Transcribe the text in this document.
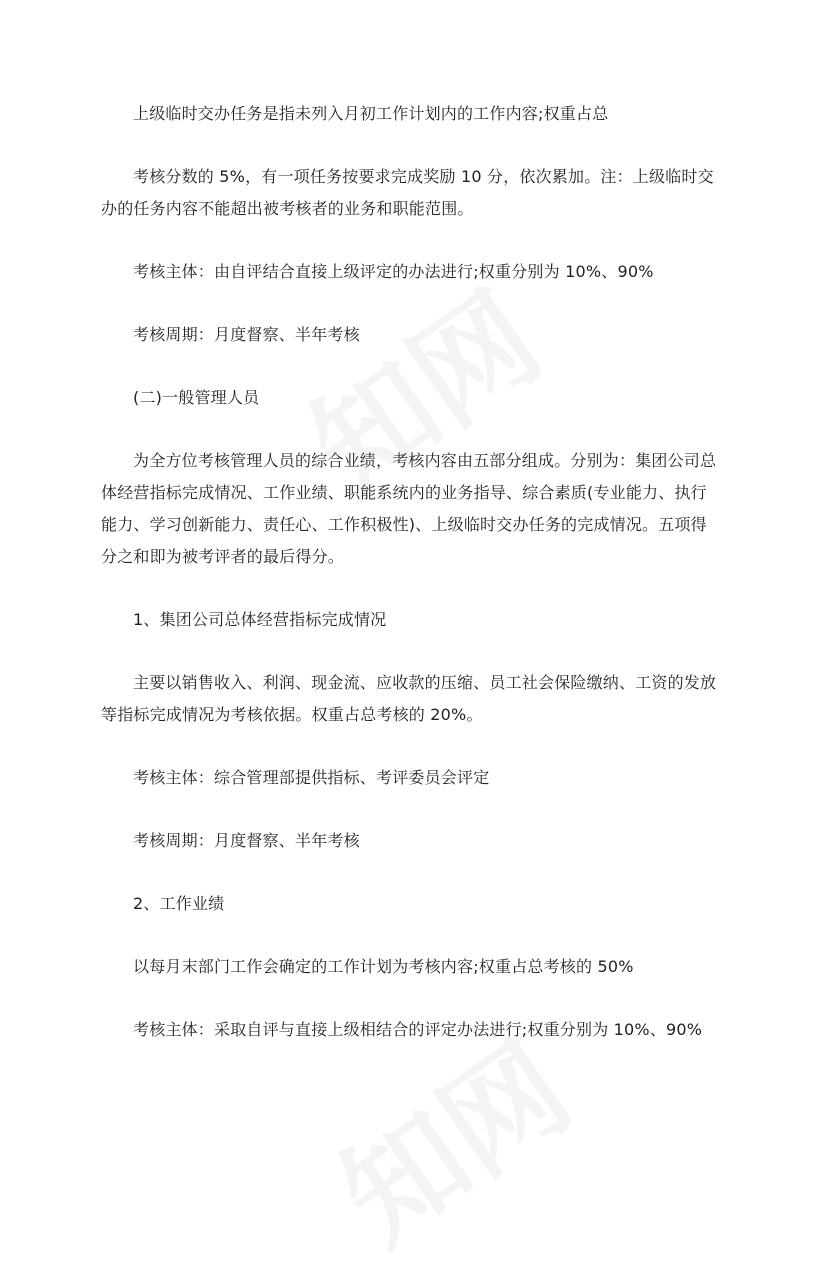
上级临时交办任务是指未列入月初工作计划内的工作内容;权重占总

考核分数的 5%，有一项任务按要求完成奖励 10 分，依次累加。注：上级临时交办的任务内容不能超出被考核者的业务和职能范围。

考核主体：由自评结合直接上级评定的办法进行;权重分别为 10%、90%

考核周期：月度督察、半年考核

(二)一般管理人员

为全方位考核管理人员的综合业绩，考核内容由五部分组成。分别为：集团公司总体经营指标完成情况、工作业绩、职能系统内的业务指导、综合素质(专业能力、执行能力、学习创新能力、责任心、工作积极性)、上级临时交办任务的完成情况。五项得分之和即为被考评者的最后得分。

1、集团公司总体经营指标完成情况

主要以销售收入、利润、现金流、应收款的压缩、员工社会保险缴纳、工资的发放等指标完成情况为考核依据。权重占总考核的 20%。

考核主体：综合管理部提供指标、考评委员会评定

考核周期：月度督察、半年考核

2、工作业绩

以每月末部门工作会确定的工作计划为考核内容;权重占总考核的 50%

考核主体：采取自评与直接上级相结合的评定办法进行;权重分别为 10%、90%
